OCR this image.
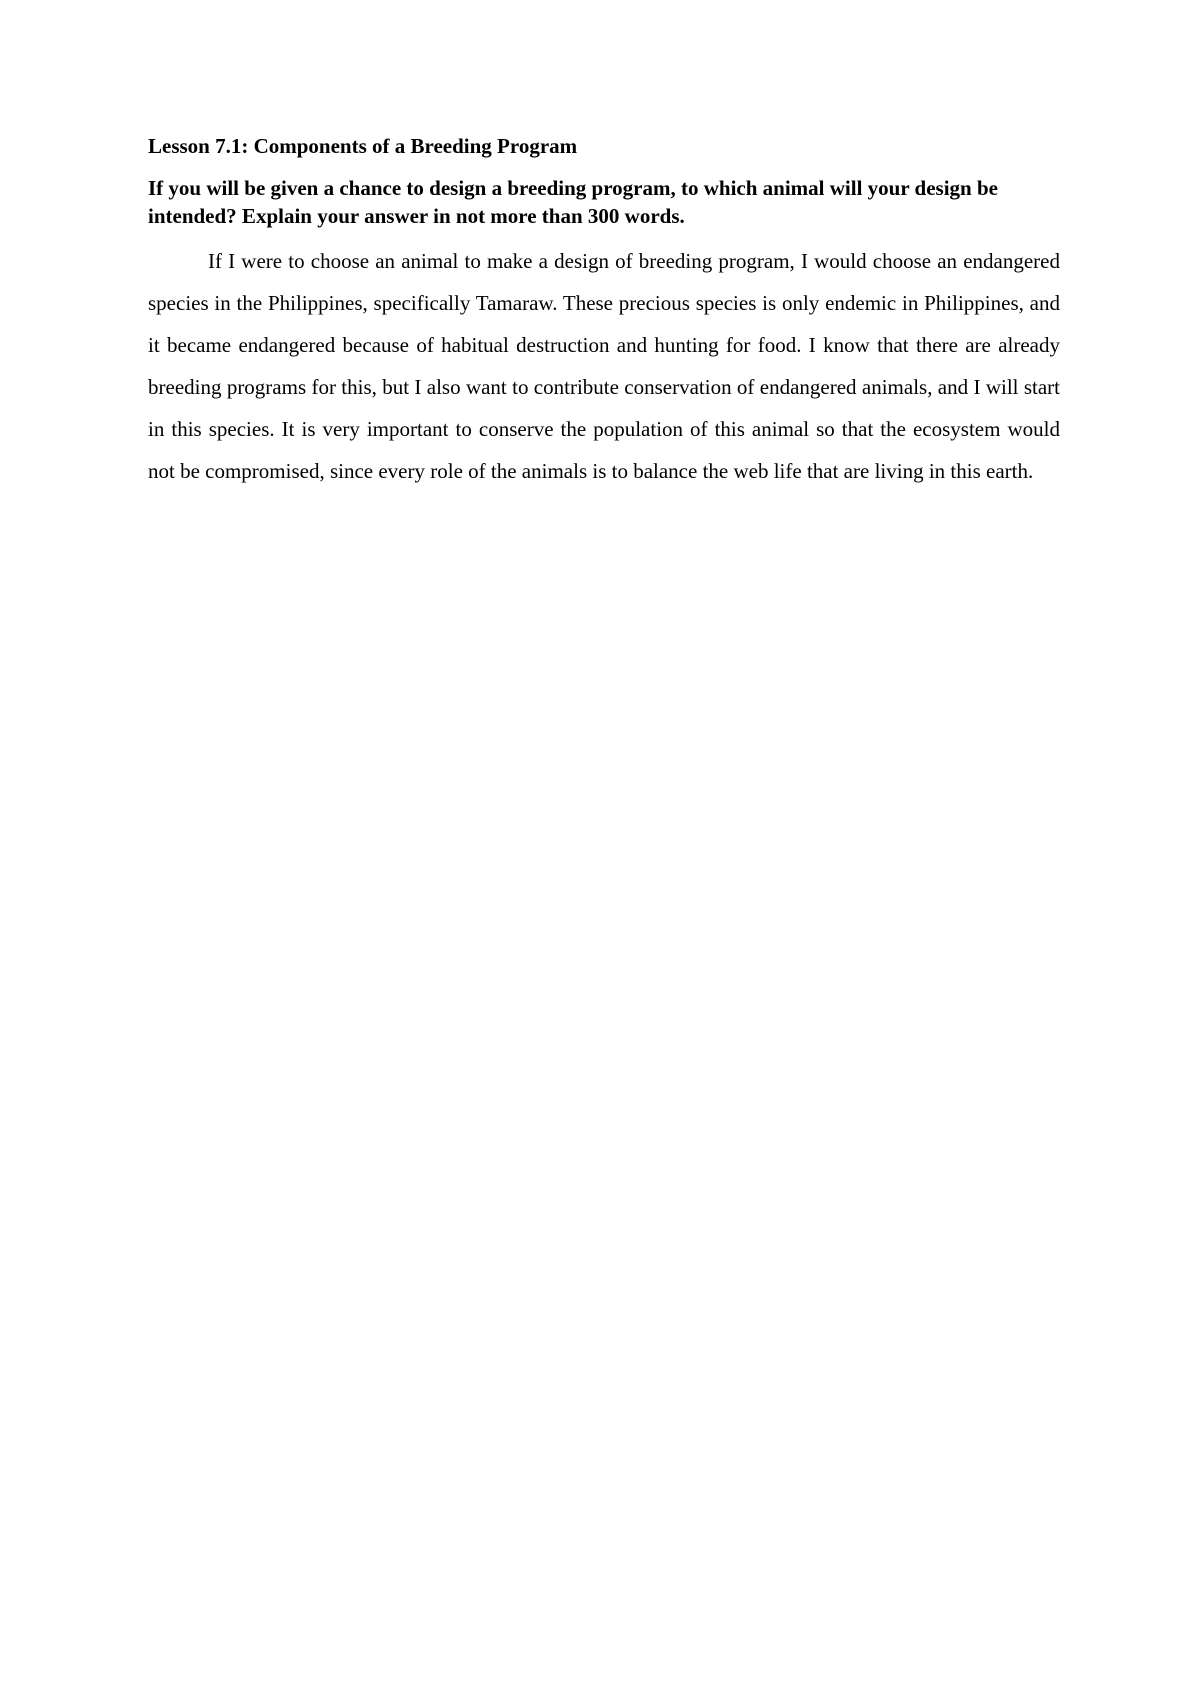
Lesson 7.1: Components of a Breeding Program

If you will be given a chance to design a breeding program, to which animal will your design be intended? Explain your answer in not more than 300 words.

If I were to choose an animal to make a design of breeding program, I would choose an endangered species in the Philippines, specifically Tamaraw. These precious species is only endemic in Philippines, and it became endangered because of habitual destruction and hunting for food. I know that there are already breeding programs for this, but I also want to contribute conservation of endangered animals, and I will start in this species. It is very important to conserve the population of this animal so that the ecosystem would not be compromised, since every role of the animals is to balance the web life that are living in this earth.
